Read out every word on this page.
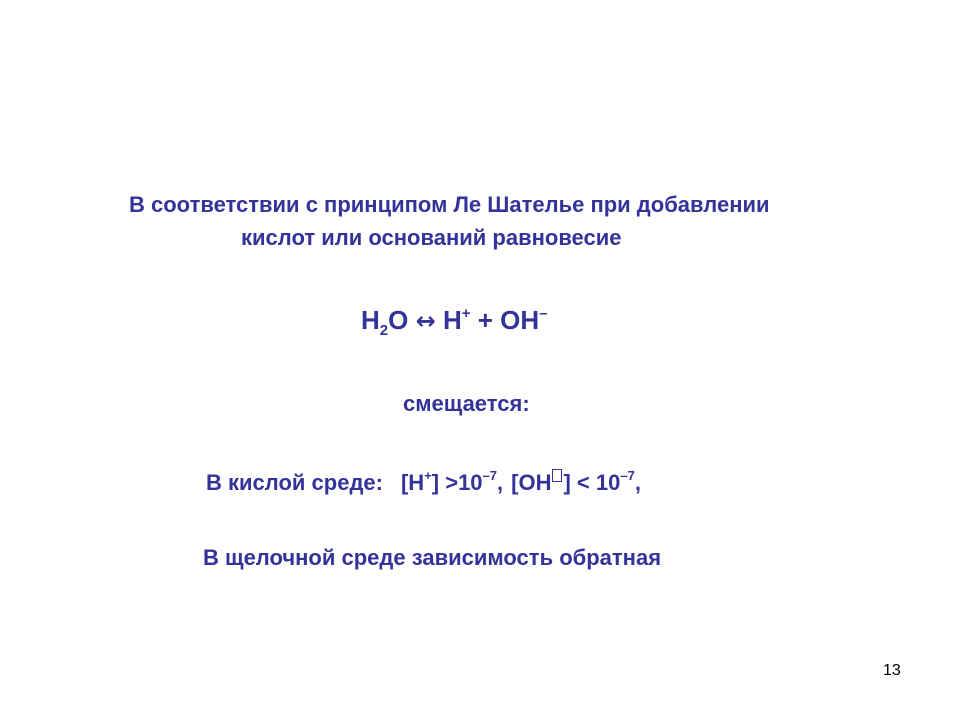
В соответствии с принципом Ле Шателье при добавлении
кислот или оснований равновесие
$H_2O$ ↔ H+ + OH–
смещается:
В кислой среде: $[H^+] >10^{-7}$, [OH ] < $10^{-7}$,
В щелочной среде зависимость обратная
13
